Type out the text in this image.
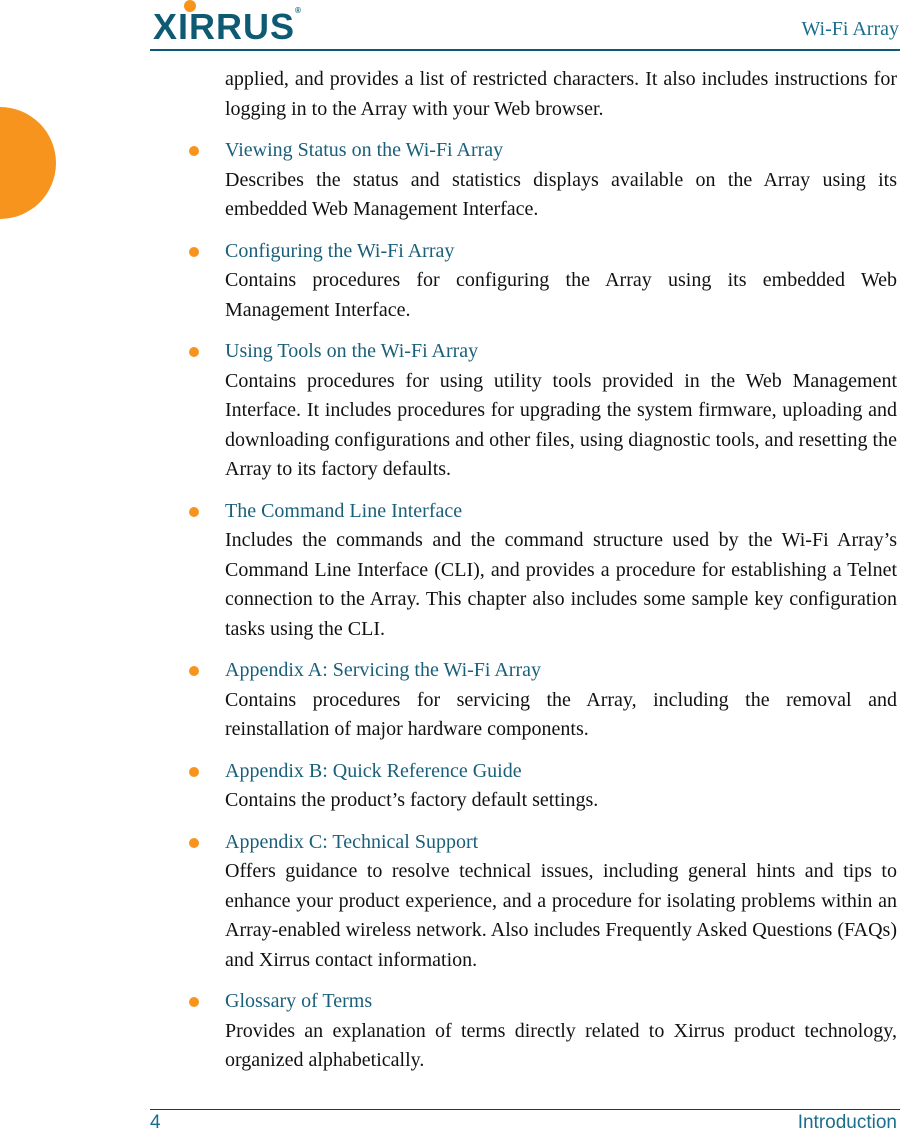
XIRRUS®
Wi-Fi Array
applied, and provides a list of restricted characters. It also includes instructions for logging in to the Array with your Web browser.
Viewing Status on the Wi-Fi Array
Describes the status and statistics displays available on the Array using its embedded Web Management Interface.
Configuring the Wi-Fi Array
Contains procedures for configuring the Array using its embedded Web Management Interface.
Using Tools on the Wi-Fi Array
Contains procedures for using utility tools provided in the Web Management Interface. It includes procedures for upgrading the system firmware, uploading and downloading configurations and other files, using diagnostic tools, and resetting the Array to its factory defaults.
The Command Line Interface
Includes the commands and the command structure used by the Wi-Fi Array’s Command Line Interface (CLI), and provides a procedure for establishing a Telnet connection to the Array. This chapter also includes some sample key configuration tasks using the CLI.
Appendix A: Servicing the Wi-Fi Array
Contains procedures for servicing the Array, including the removal and reinstallation of major hardware components.
Appendix B: Quick Reference Guide
Contains the product’s factory default settings.
Appendix C: Technical Support
Offers guidance to resolve technical issues, including general hints and tips to enhance your product experience, and a procedure for isolating problems within an Array-enabled wireless network. Also includes Frequently Asked Questions (FAQs) and Xirrus contact information.
Glossary of Terms
Provides an explanation of terms directly related to Xirrus product technology, organized alphabetically.
4	Introduction
